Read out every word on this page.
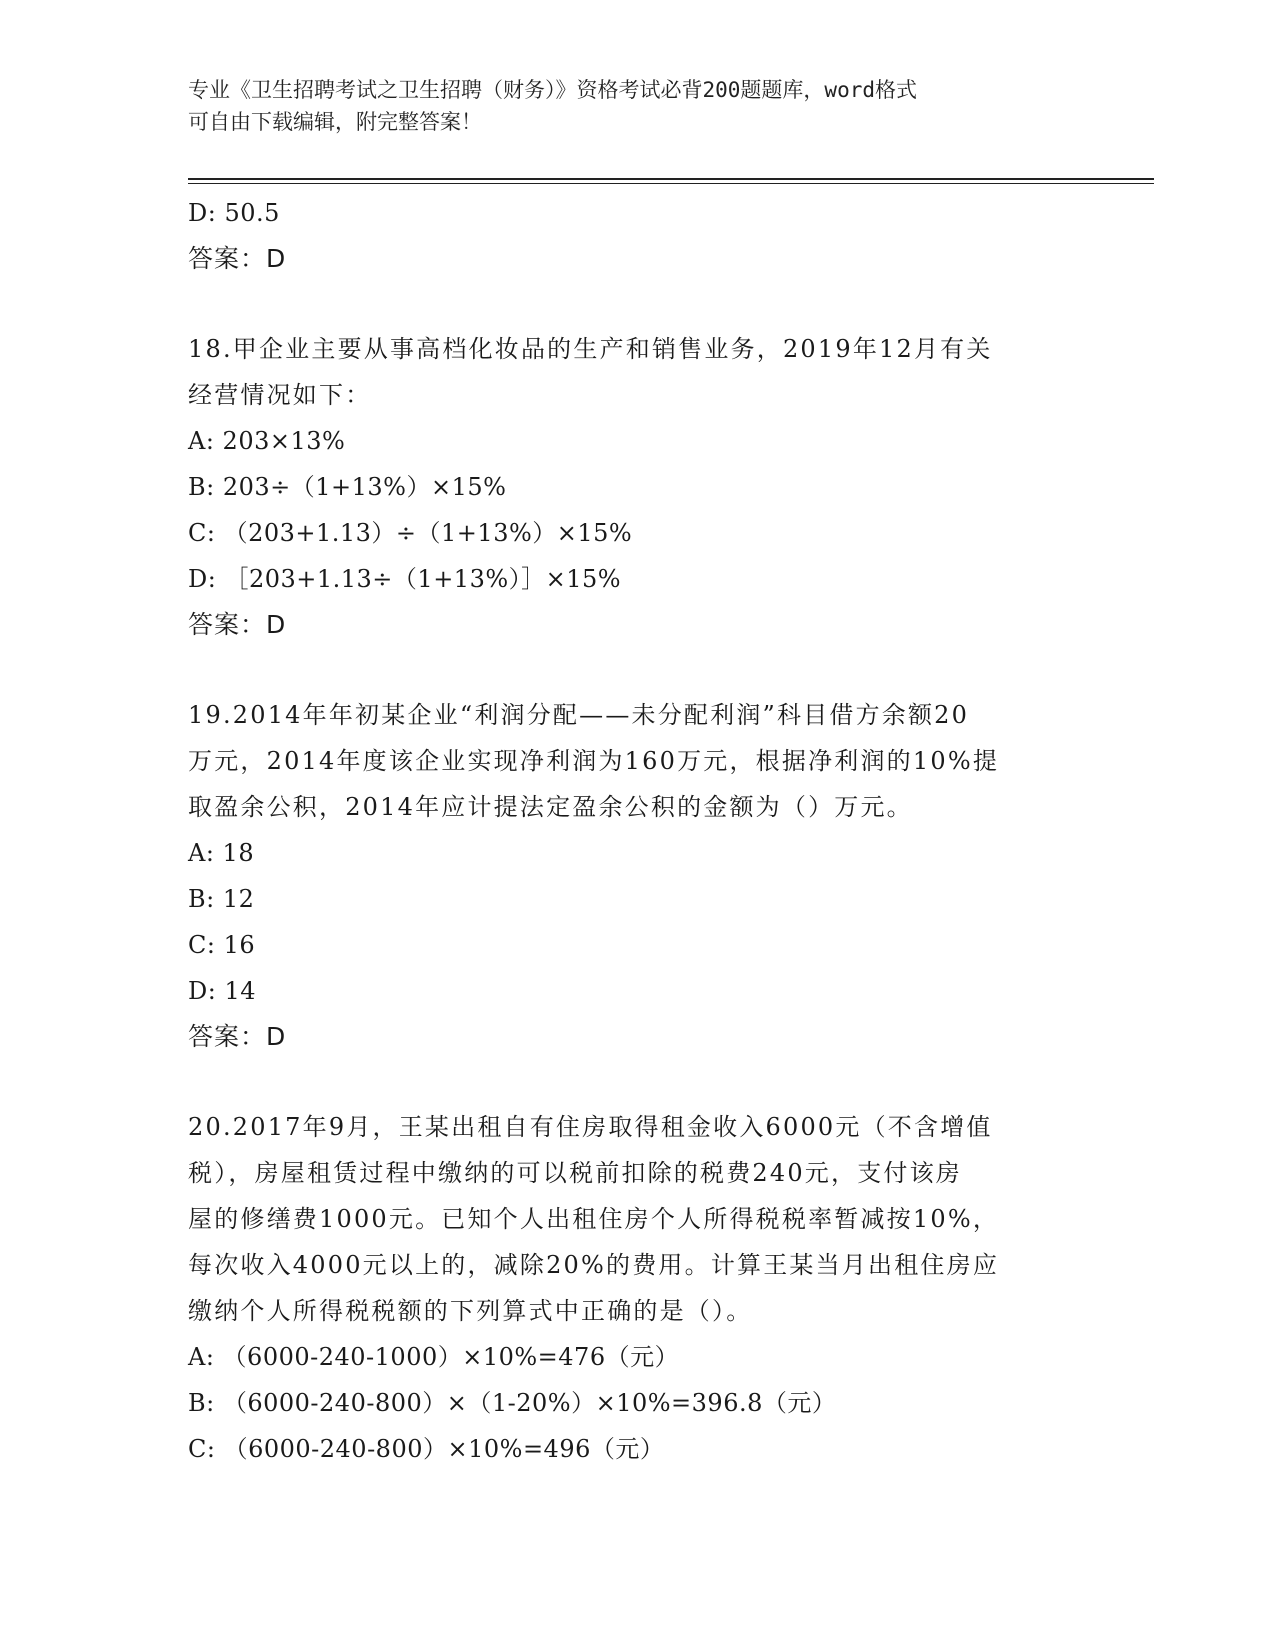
专业《卫生招聘考试之卫生招聘（财务）》资格考试必背200题题库，word格式
可自由下载编辑，附完整答案！
D: 50.5
答案：D
18.甲企业主要从事高档化妆品的生产和销售业务，2019年12月有关
经营情况如下：
A: 203×13%
B: 203÷（1+13%）×15%
C: （203+1.13）÷（1+13%）×15%
D: ［203+1.13÷（1+13%）］×15%
答案：D
19.2014年年初某企业“利润分配——未分配利润”科目借方余额20
万元，2014年度该企业实现净利润为160万元，根据净利润的10%提
取盈余公积，2014年应计提法定盈余公积的金额为（）万元。
A: 18
B: 12
C: 16
D: 14
答案：D
20.2017年9月，王某出租自有住房取得租金收入6000元（不含增值
税），房屋租赁过程中缴纳的可以税前扣除的税费240元，支付该房
屋的修缮费1000元。已知个人出租住房个人所得税税率暂减按10%，
每次收入4000元以上的，减除20%的费用。计算王某当月出租住房应
缴纳个人所得税税额的下列算式中正确的是（）。
A: （6000-240-1000）×10%=476（元）
B: （6000-240-800）×（1-20%）×10%=396.8（元）
C: （6000-240-800）×10%=496（元）
